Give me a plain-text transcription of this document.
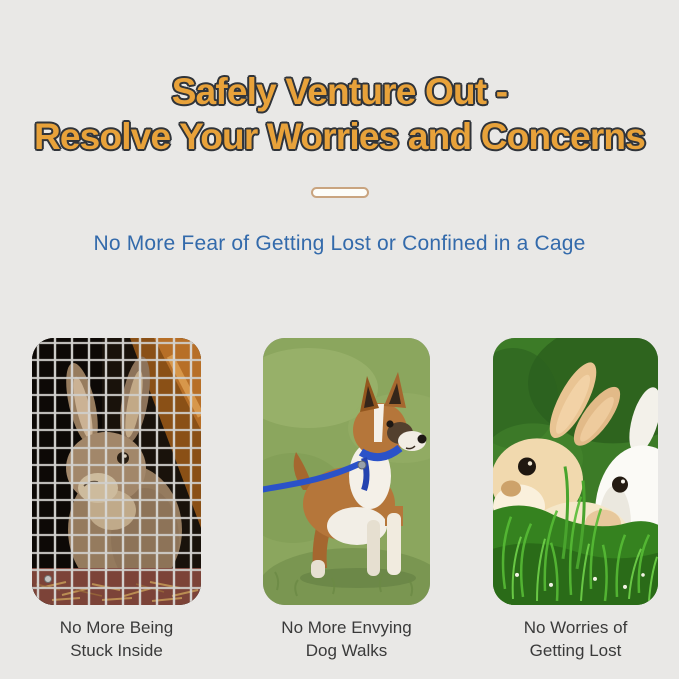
Safely Venture Out -
Resolve Your Worries and Concerns

No More Fear of Getting Lost or Confined in a Cage

No More Being
Stuck Inside

No More Envying
Dog Walks

No Worries of
Getting Lost
